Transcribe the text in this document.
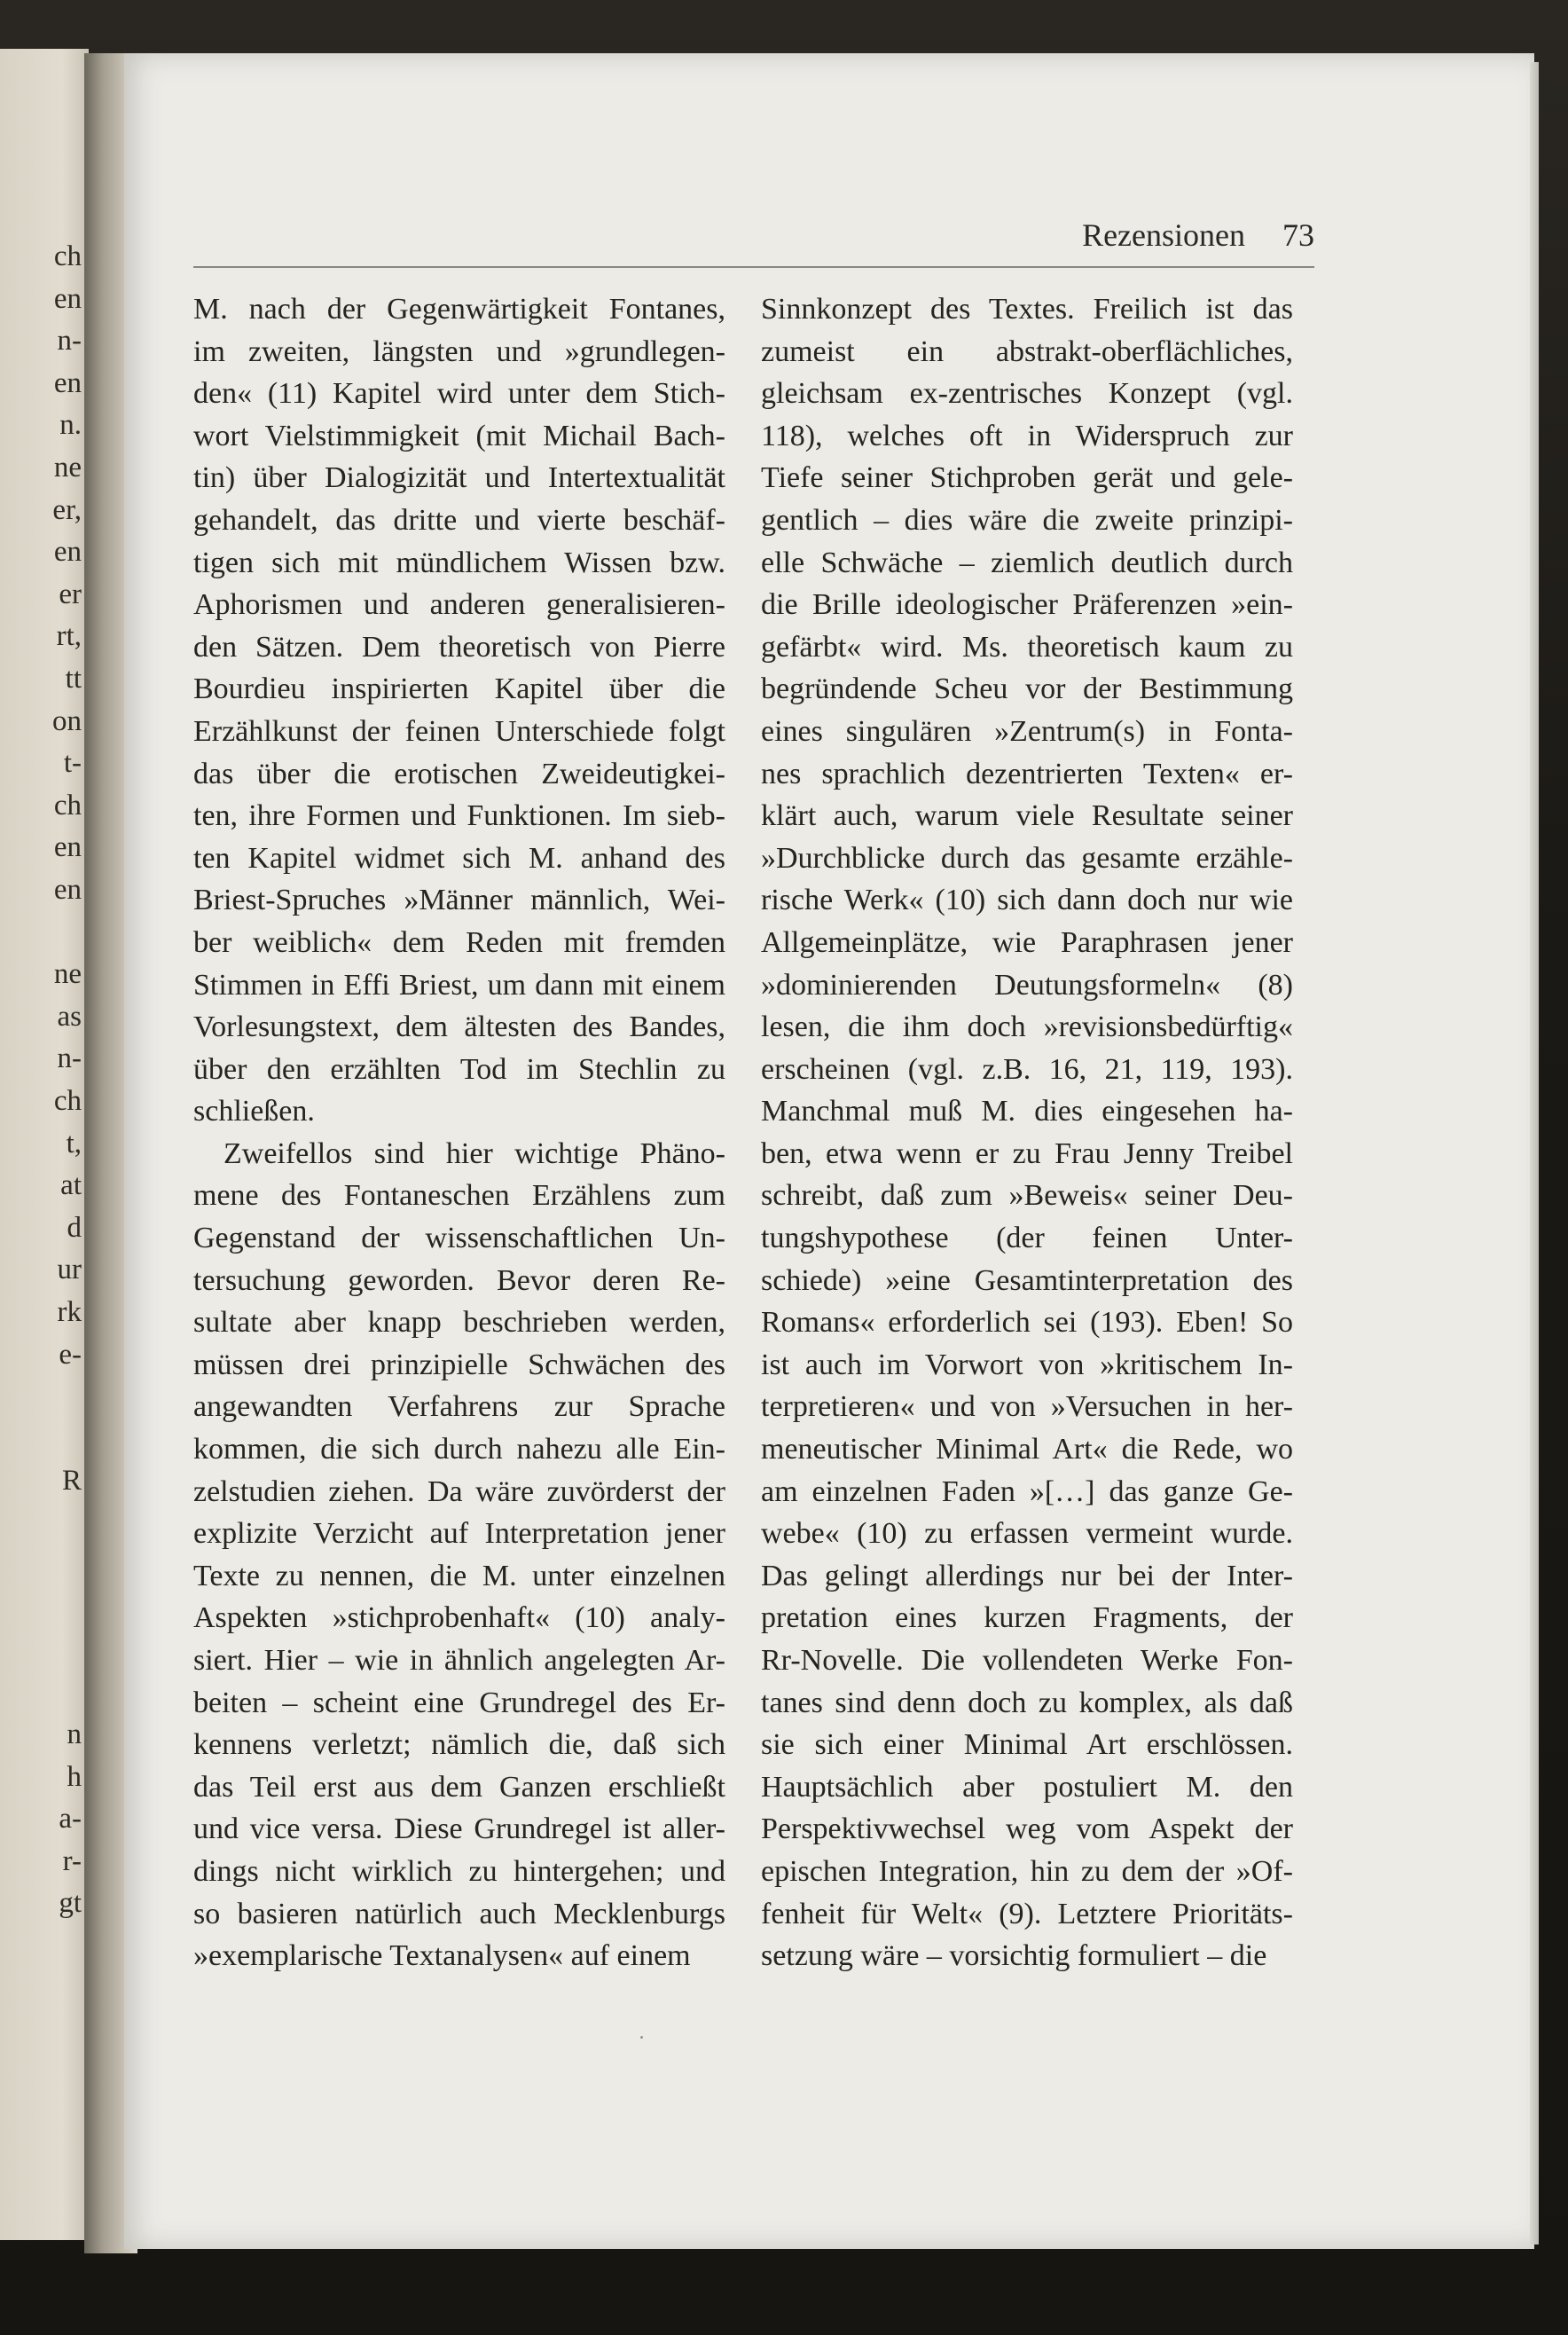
ch
en
n-
en
n.
ne
er,
en
er
rt,
tt
on
t-
ch
en
en
ne
as
n-
ch
t,
at
d
ur
rk
e-
R
n
h
a-
r-
gt
Rezensionen 73
M. nach der Gegenwärtigkeit Fontanes,
im zweiten, längsten und »grundlegen-
den« (11) Kapitel wird unter dem Stich-
wort Vielstimmigkeit (mit Michail Bach-
tin) über Dialogizität und Intertextualität
gehandelt, das dritte und vierte beschäf-
tigen sich mit mündlichem Wissen bzw.
Aphorismen und anderen generalisieren-
den Sätzen. Dem theoretisch von Pierre
Bourdieu inspirierten Kapitel über die
Erzählkunst der feinen Unterschiede folgt
das über die erotischen Zweideutigkei-
ten, ihre Formen und Funktionen. Im sieb-
ten Kapitel widmet sich M. anhand des
Briest-Spruches »Männer männlich, Wei-
ber weiblich« dem Reden mit fremden
Stimmen in Effi Briest, um dann mit einem
Vorlesungstext, dem ältesten des Bandes,
über den erzählten Tod im Stechlin zu
schließen.
Zweifellos sind hier wichtige Phäno-
mene des Fontaneschen Erzählens zum
Gegenstand der wissenschaftlichen Un-
tersuchung geworden. Bevor deren Re-
sultate aber knapp beschrieben werden,
müssen drei prinzipielle Schwächen des
angewandten Verfahrens zur Sprache
kommen, die sich durch nahezu alle Ein-
zelstudien ziehen. Da wäre zuvörderst der
explizite Verzicht auf Interpretation jener
Texte zu nennen, die M. unter einzelnen
Aspekten »stichprobenhaft« (10) analy-
siert. Hier – wie in ähnlich angelegten Ar-
beiten – scheint eine Grundregel des Er-
kennens verletzt; nämlich die, daß sich
das Teil erst aus dem Ganzen erschließt
und vice versa. Diese Grundregel ist aller-
dings nicht wirklich zu hintergehen; und
so basieren natürlich auch Mecklenburgs
»exemplarische Textanalysen« auf einem
Sinnkonzept des Textes. Freilich ist das
zumeist ein abstrakt-oberflächliches,
gleichsam ex-zentrisches Konzept (vgl.
118), welches oft in Widerspruch zur
Tiefe seiner Stichproben gerät und gele-
gentlich – dies wäre die zweite prinzipi-
elle Schwäche – ziemlich deutlich durch
die Brille ideologischer Präferenzen »ein-
gefärbt« wird. Ms. theoretisch kaum zu
begründende Scheu vor der Bestimmung
eines singulären »Zentrum(s) in Fonta-
nes sprachlich dezentrierten Texten« er-
klärt auch, warum viele Resultate seiner
»Durchblicke durch das gesamte erzähle-
rische Werk« (10) sich dann doch nur wie
Allgemeinplätze, wie Paraphrasen jener
»dominierenden Deutungsformeln« (8)
lesen, die ihm doch »revisionsbedürftig«
erscheinen (vgl. z.B. 16, 21, 119, 193).
Manchmal muß M. dies eingesehen ha-
ben, etwa wenn er zu Frau Jenny Treibel
schreibt, daß zum »Beweis« seiner Deu-
tungshypothese (der feinen Unter-
schiede) »eine Gesamtinterpretation des
Romans« erforderlich sei (193). Eben! So
ist auch im Vorwort von »kritischem In-
terpretieren« und von »Versuchen in her-
meneutischer Minimal Art« die Rede, wo
am einzelnen Faden »[…] das ganze Ge-
webe« (10) zu erfassen vermeint wurde.
Das gelingt allerdings nur bei der Inter-
pretation eines kurzen Fragments, der
Rr-Novelle. Die vollendeten Werke Fon-
tanes sind denn doch zu komplex, als daß
sie sich einer Minimal Art erschlössen.
Hauptsächlich aber postuliert M. den
Perspektivwechsel weg vom Aspekt der
epischen Integration, hin zu dem der »Of-
fenheit für Welt« (9). Letztere Prioritäts-
setzung wäre – vorsichtig formuliert – die
